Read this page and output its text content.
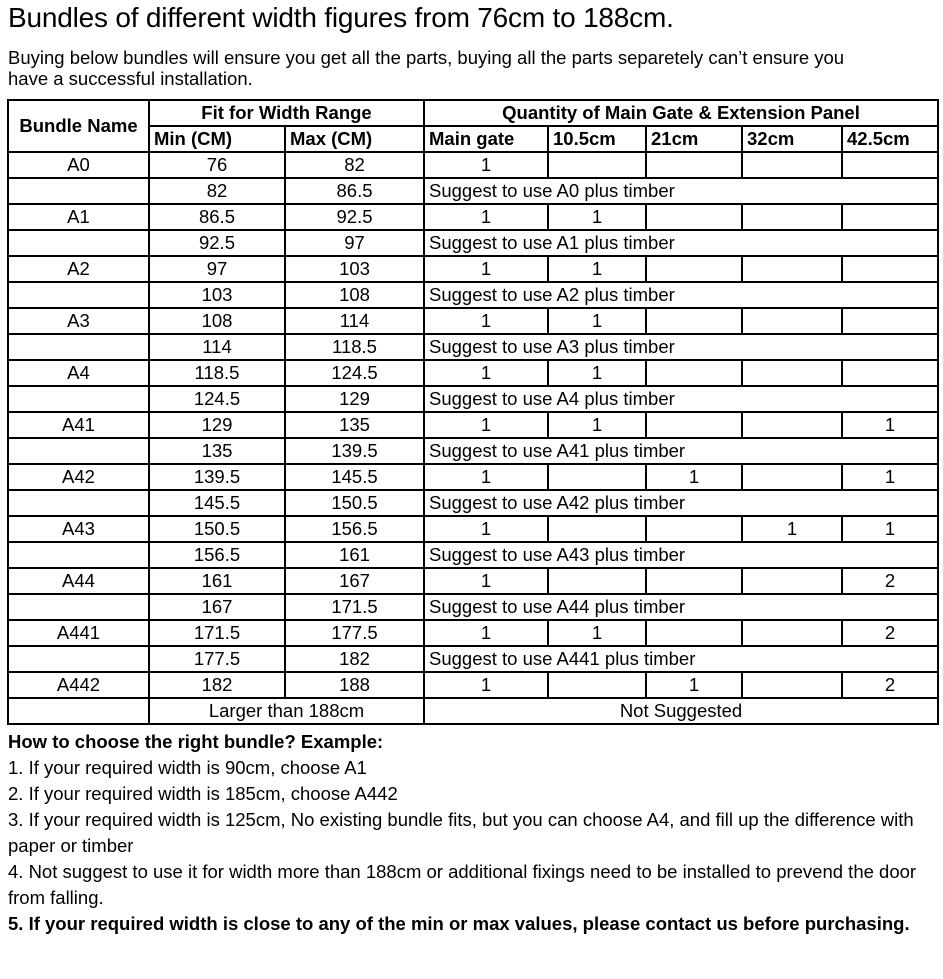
Bundles of different width figures from 76cm to 188cm.

Buying below bundles will ensure you get all the parts, buying all the parts separetely can’t ensure you have a successful installation.

Bundle Name	Fit for Width Range		Quantity of Main Gate & Extension Panel				
	Min (CM)	Max (CM)	Main gate	10.5cm	21cm	32cm	42.5cm
A0	76	82	1				
	82	86.5	Suggest to use A0 plus timber				
A1	86.5	92.5	1	1			
	92.5	97	Suggest to use A1 plus timber				
A2	97	103	1	1			
	103	108	Suggest to use A2 plus timber				
A3	108	114	1	1			
	114	118.5	Suggest to use A3 plus timber				
A4	118.5	124.5	1	1			
	124.5	129	Suggest to use A4 plus timber				
A41	129	135	1	1			1
	135	139.5	Suggest to use A41 plus timber				
A42	139.5	145.5	1		1		1
	145.5	150.5	Suggest to use A42 plus timber				
A43	150.5	156.5	1			1	1
	156.5	161	Suggest to use A43 plus timber				
A44	161	167	1				2
	167	171.5	Suggest to use A44 plus timber				
A441	171.5	177.5	1	1			2
	177.5	182	Suggest to use A441 plus timber				
A442	182	188	1		1		2
	Larger than 188cm		Not Suggested				
How to choose the right bundle? Example:
1. If your required width is 90cm, choose A1
2. If your required width is 185cm, choose A442
3. If your required width is 125cm, No existing bundle fits, but you can choose A4, and fill up the difference with paper or timber
4. Not suggest to use it for width more than 188cm or additional fixings need to be installed to prevend the door from falling.
5. If your required width is close to any of the min or max values, please contact us before purchasing.
